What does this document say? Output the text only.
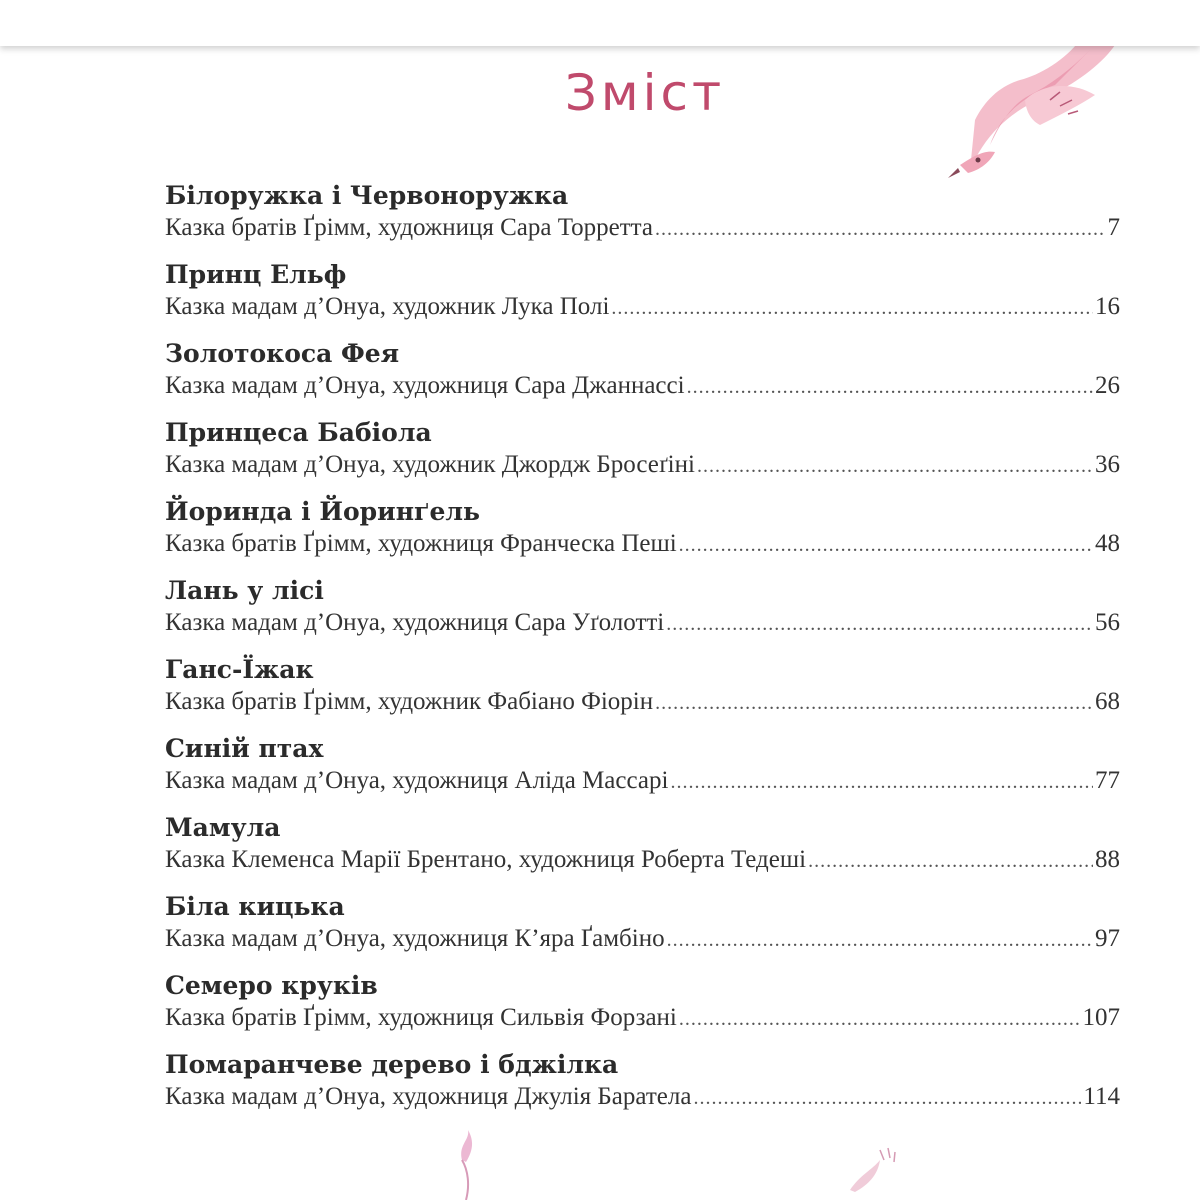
Зміст
Білоружка і Червоноружка
Казка братів Ґрімм, художниця Сара Торретта .....	7
Принц Ельф
Казка мадам д’Онуа, художник Лука Полі .....	16
Золотокоса Фея
Казка мадам д’Онуа, художниця Сара Джаннассі .....	26
Принцеса Бабіола
Казка мадам д’Онуа, художник Джордж Бросеґіні .....	36
Йоринда і Йоринґель
Казка братів Ґрімм, художниця Франческа Пеші .....	48
Лань у лісі
Казка мадам д’Онуа, художниця Сара Уґолотті .....	56
Ганс-Їжак
Казка братів Ґрімм, художник Фабіано Фіорін .....	68
Синій птах
Казка мадам д’Онуа, художниця Аліда Массарі .....	77
Мамула
Казка Клеменса Марії Брентано, художниця Роберта Тедеші .....	88
Біла кицька
Казка мадам д’Онуа, художниця К’яра Ґамбіно .....	97
Семеро круків
Казка братів Ґрімм, художниця Сильвія Форзані .....	107
Помаранчеве дерево і бджілка
Казка мадам д’Онуа, художниця Джулія Баратела .....	114
